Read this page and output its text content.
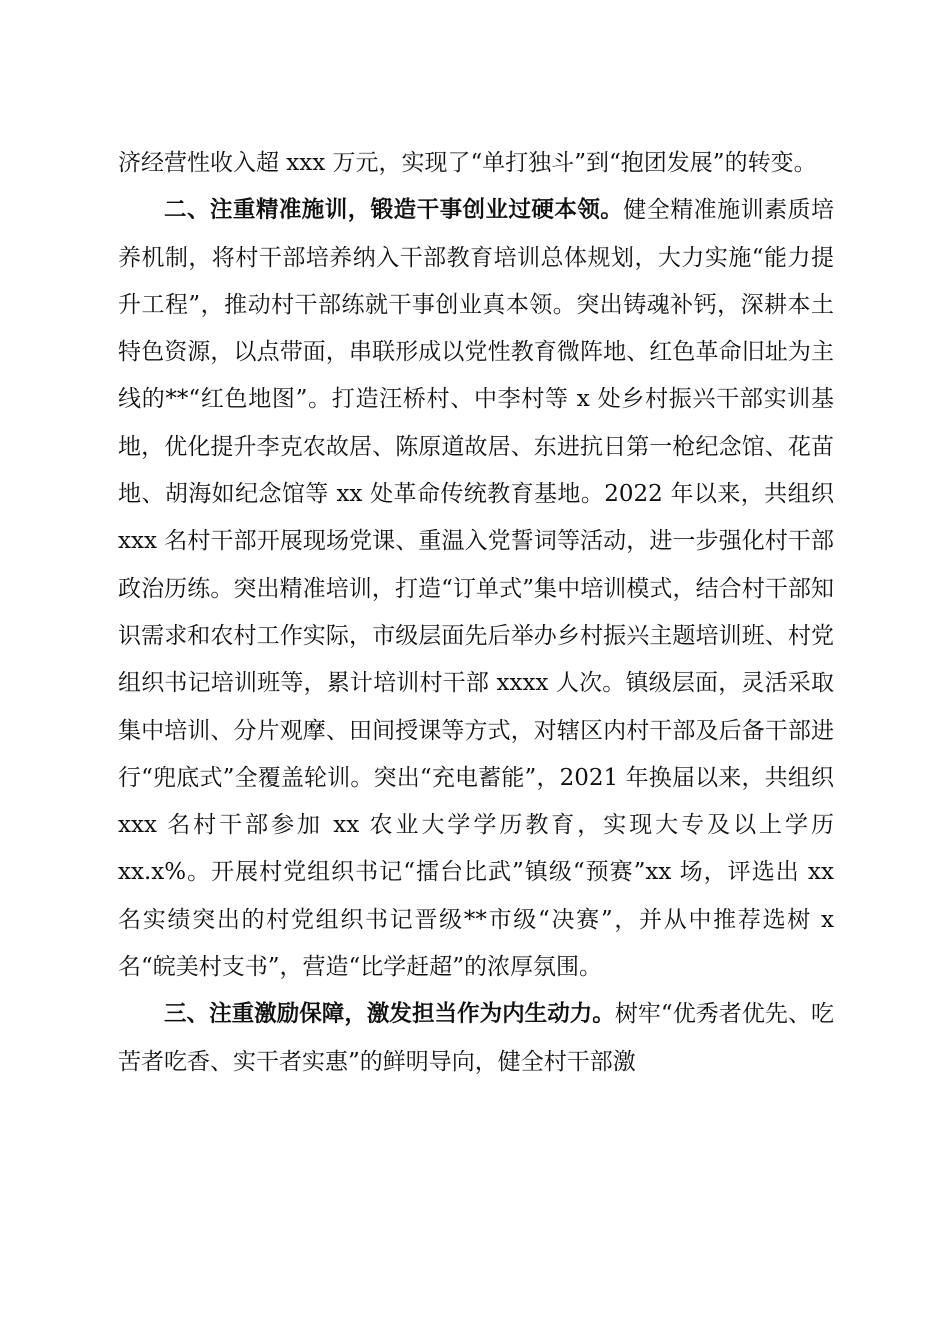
济经营性收入超 xxx 万元，实现了“单打独斗”到“抱团发展”的转变。

二、注重精准施训，锻造干事创业过硬本领。健全精准施训素质培养机制，将村干部培养纳入干部教育培训总体规划，大力实施“能力提升工程”，推动村干部练就干事创业真本领。突出铸魂补钙，深耕本土特色资源，以点带面，串联形成以党性教育微阵地、红色革命旧址为主线的**“红色地图”。打造汪桥村、中李村等 x 处乡村振兴干部实训基地，优化提升李克农故居、陈原道故居、东进抗日第一枪纪念馆、花苗地、胡海如纪念馆等 xx 处革命传统教育基地。2022 年以来，共组织 xxx 名村干部开展现场党课、重温入党誓词等活动，进一步强化村干部政治历练。突出精准培训，打造“订单式”集中培训模式，结合村干部知识需求和农村工作实际，市级层面先后举办乡村振兴主题培训班、村党组织书记培训班等，累计培训村干部 xxxx 人次。镇级层面，灵活采取集中培训、分片观摩、田间授课等方式，对辖区内村干部及后备干部进行“兜底式”全覆盖轮训。突出“充电蓄能”，2021 年换届以来，共组织 xxx 名村干部参加 xx 农业大学学历教育，实现大专及以上学历 xx.x%。开展村党组织书记“擂台比武”镇级“预赛”xx 场，评选出 xx 名实绩突出的村党组织书记晋级**市级“决赛”，并从中推荐选树 x 名“皖美村支书”，营造“比学赶超”的浓厚氛围。

三、注重激励保障，激发担当作为内生动力。树牢“优秀者优先、吃苦者吃香、实干者实惠”的鲜明导向，健全村干部激
